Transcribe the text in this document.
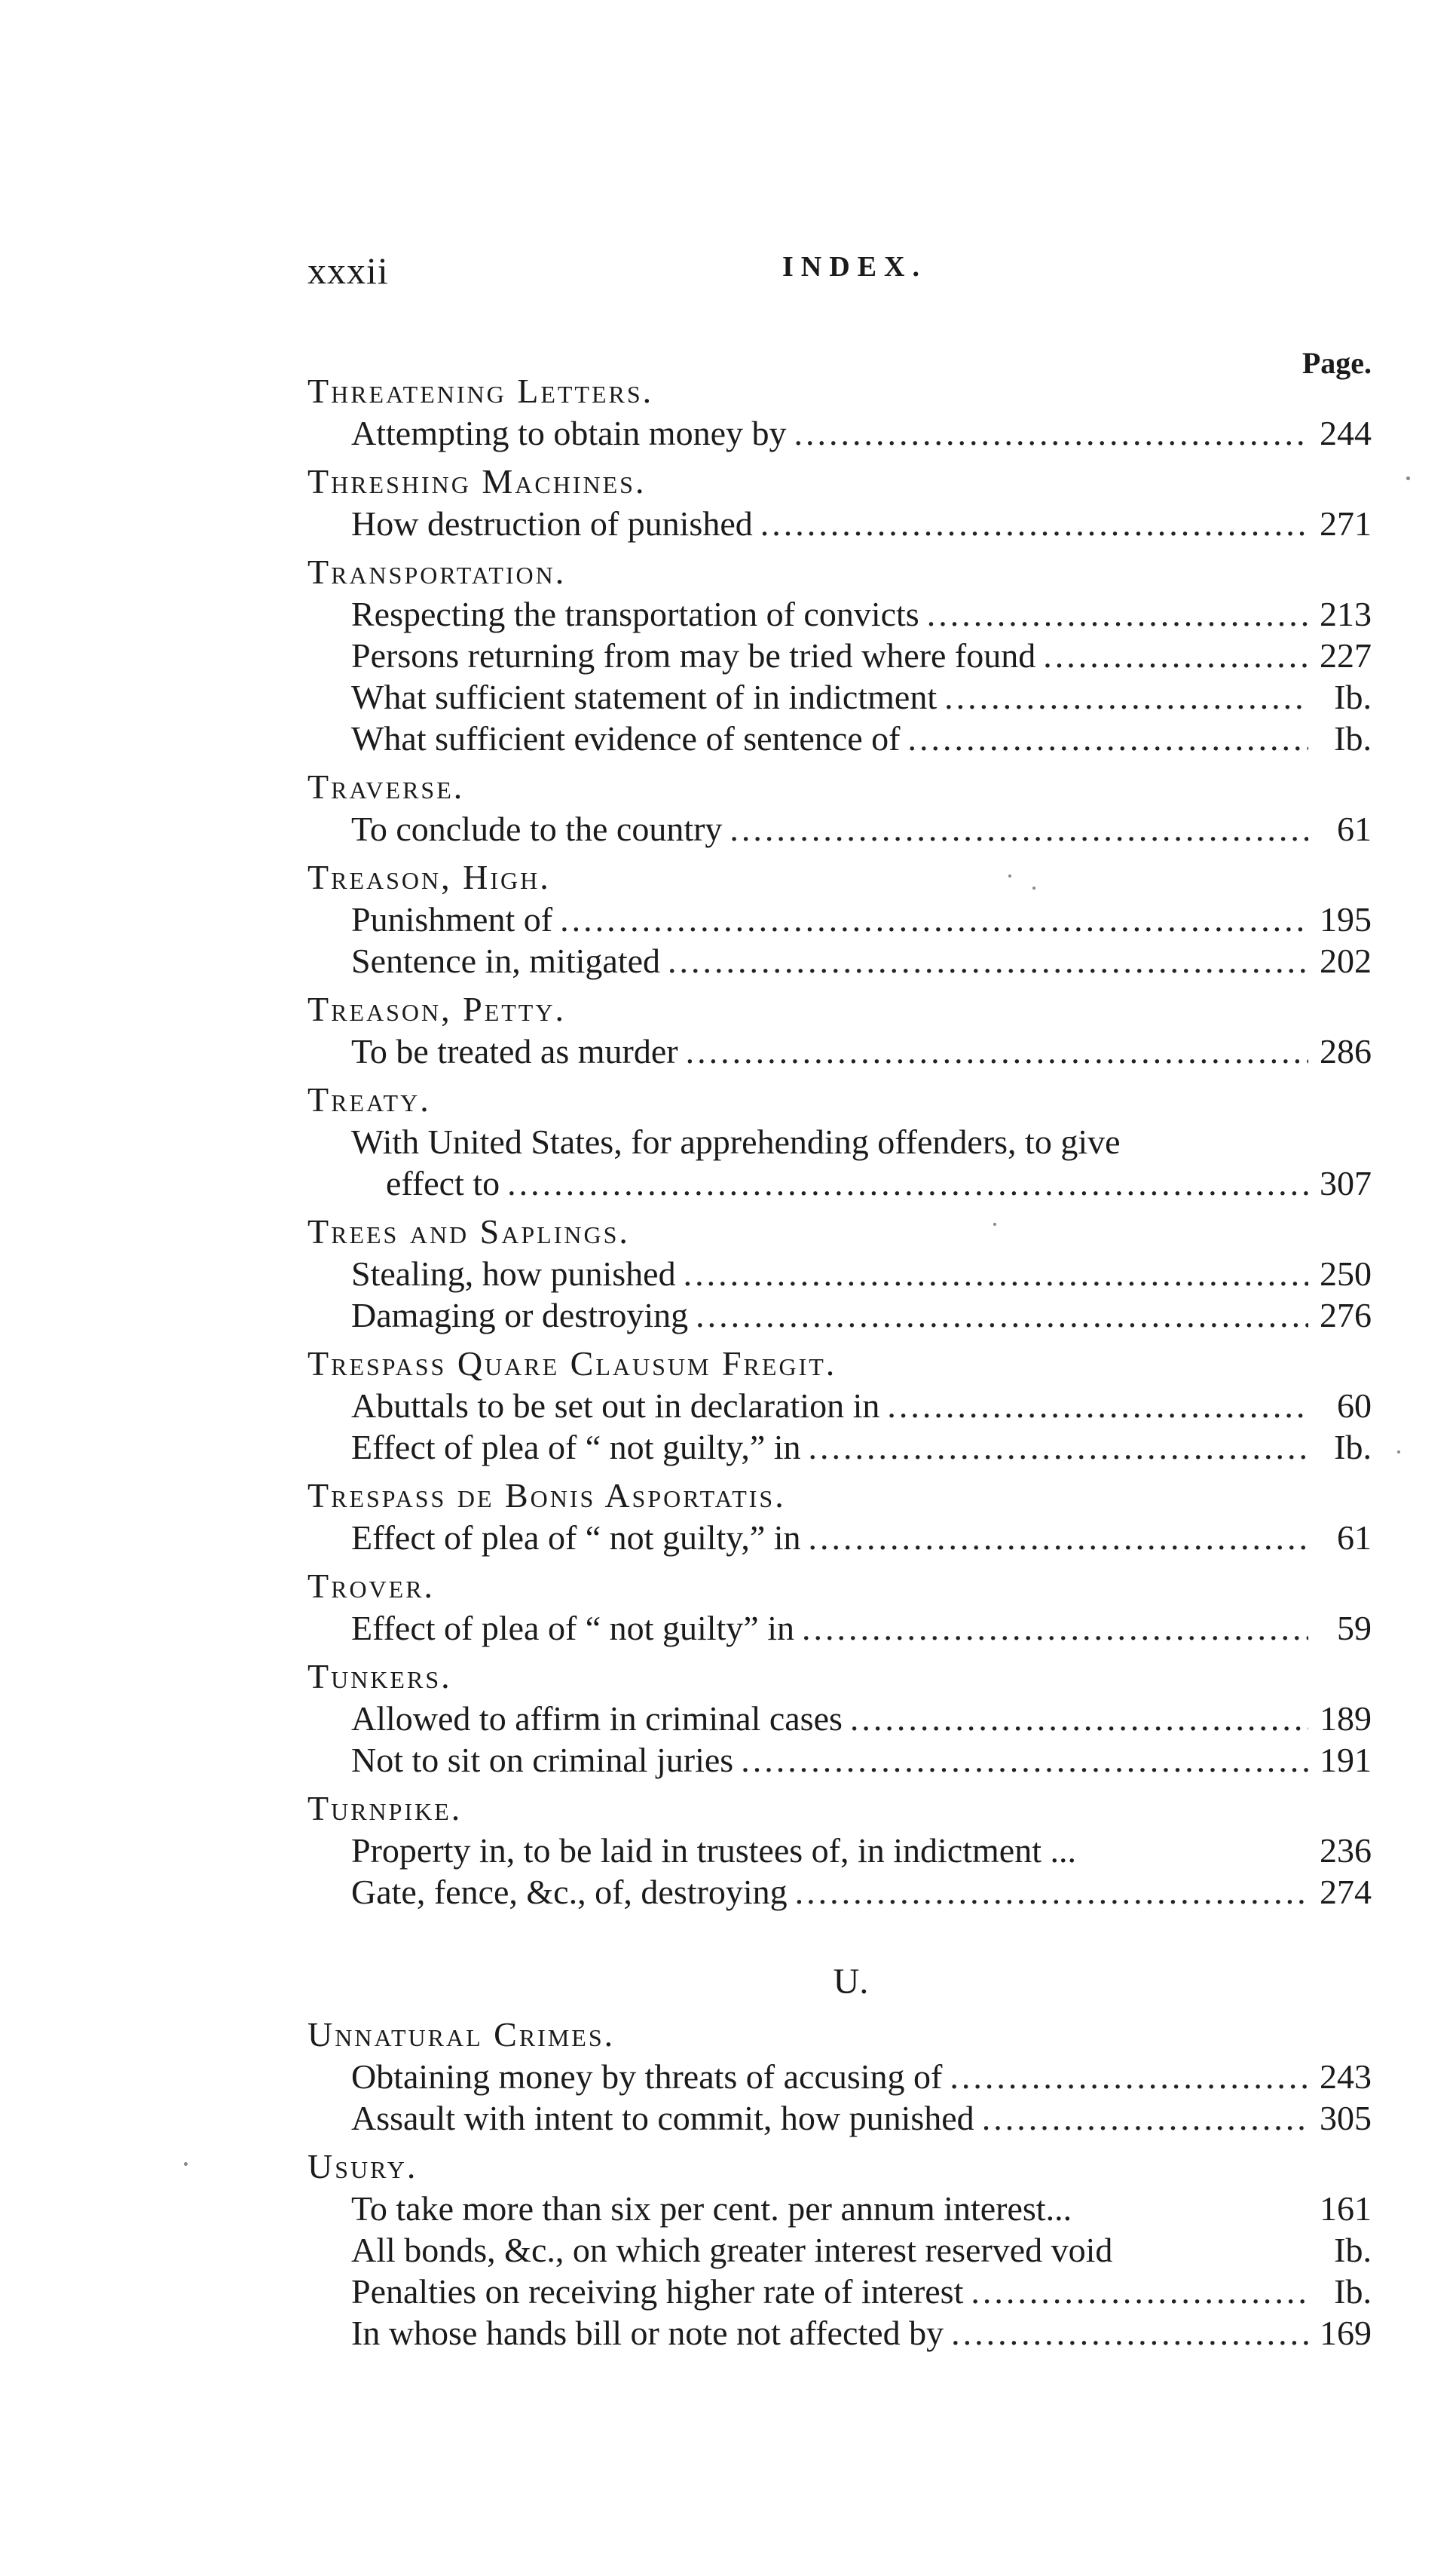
xxxii	INDEX.
Page.
Threatening Letters.
Attempting to obtain money by .....	244
Threshing Machines.
How destruction of punished .....	271
Transportation.
Respecting the transportation of convicts .....	213
Persons returning from may be tried where found .....	227
What sufficient statement of in indictment .....	Ib.
What sufficient evidence of sentence of .....	Ib.
Traverse.
To conclude to the country .....	61
Treason, High.
Punishment of .....	195
Sentence in, mitigated .....	202
Treason, Petty.
To be treated as murder .....	286
Treaty.
With United States, for apprehending offenders, to give
effect to .....	307
Trees and Saplings.
Stealing, how punished .....	250
Damaging or destroying .....	276
Trespass Quare Clausum Fregit.
Abuttals to be set out in declaration in .....	60
Effect of plea of “ not guilty,” in .....	Ib.
Trespass de Bonis Asportatis.
Effect of plea of “ not guilty,” in .....	61
Trover.
Effect of plea of “ not guilty” in .....	59
Tunkers.
Allowed to affirm in criminal cases .....	189
Not to sit on criminal juries .....	191
Turnpike.
Property in, to be laid in trustees of, in indictment ...	236
Gate, fence, &c., of, destroying .....	274
U.
Unnatural Crimes.
Obtaining money by threats of accusing of .....	243
Assault with intent to commit, how punished .....	305
Usury.
To take more than six per cent. per annum interest...	161
All bonds, &c., on which greater interest reserved void	Ib.
Penalties on receiving higher rate of interest .....	Ib.
In whose hands bill or note not affected by .....	169
